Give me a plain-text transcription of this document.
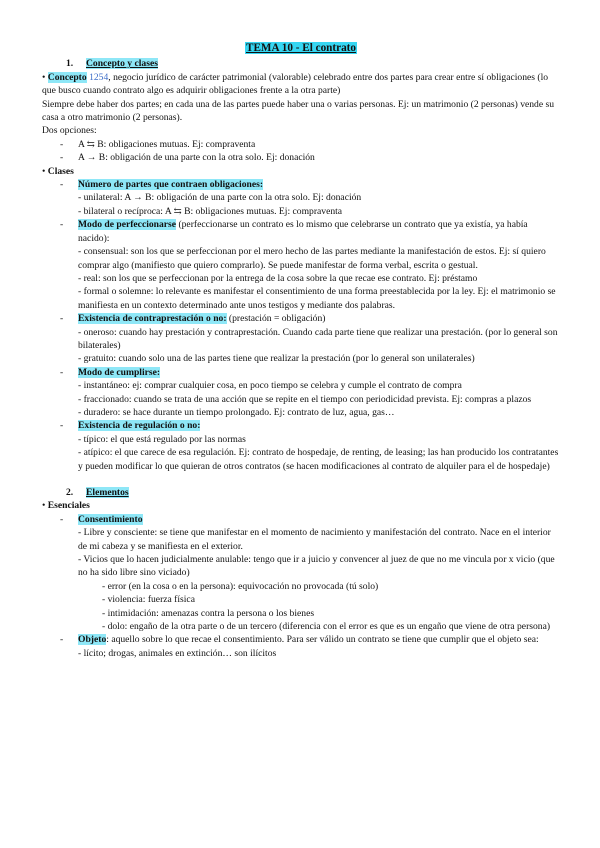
TEMA 10 - El contrato

1. Concepto y clases

• Concepto 1254, negocio jurídico de carácter patrimonial (valorable) celebrado entre dos partes para crear entre sí obligaciones (lo que busco cuando contrato algo es adquirir obligaciones frente a la otra parte)

Siempre debe haber dos partes; en cada una de las partes puede haber una o varias personas. Ej: un matrimonio (2 personas) vende su casa a otro matrimonio (2 personas).

Dos opciones:

- A ⇆ B: obligaciones mutuas. Ej: compraventa

- A → B: obligación de una parte con la otra solo. Ej: donación

• Clases

- Número de partes que contraen obligaciones:

- unilateral: A → B: obligación de una parte con la otra solo. Ej: donación

- bilateral o recíproca: A ⇆ B: obligaciones mutuas. Ej: compraventa

- Modo de perfeccionarse (perfeccionarse un contrato es lo mismo que celebrarse un contrato que ya existía, ya había nacido):

- consensual: son los que se perfeccionan por el mero hecho de las partes mediante la manifestación de estos. Ej: sí quiero comprar algo (manifiesto que quiero comprarlo). Se puede manifestar de forma verbal, escrita o gestual.

- real: son los que se perfeccionan por la entrega de la cosa sobre la que recae ese contrato. Ej: préstamo

- formal o solemne: lo relevante es manifestar el consentimiento de una forma preestablecida por la ley. Ej: el matrimonio se manifiesta en un contexto determinado ante unos testigos y mediante dos palabras.

- Existencia de contraprestación o no: (prestación = obligación)

- oneroso: cuando hay prestación y contraprestación. Cuando cada parte tiene que realizar una prestación. (por lo general son bilaterales)

- gratuito: cuando solo una de las partes tiene que realizar la prestación (por lo general son unilaterales)

- Modo de cumplirse:

- instantáneo: ej: comprar cualquier cosa, en poco tiempo se celebra y cumple el contrato de compra

- fraccionado: cuando se trata de una acción que se repite en el tiempo con periodicidad prevista. Ej: compras a plazos

- duradero: se hace durante un tiempo prolongado. Ej: contrato de luz, agua, gas…

- Existencia de regulación o no:

- típico: el que está regulado por las normas

- atípico: el que carece de esa regulación. Ej: contrato de hospedaje, de renting, de leasing; las han producido los contratantes y pueden modificar lo que quieran de otros contratos (se hacen modificaciones al contrato de alquiler para el de hospedaje)

2. Elementos

• Esenciales

- Consentimiento

- Libre y consciente: se tiene que manifestar en el momento de nacimiento y manifestación del contrato. Nace en el interior de mi cabeza y se manifiesta en el exterior.

- Vicios que lo hacen judicialmente anulable: tengo que ir a juicio y convencer al juez de que no me vincula por x vicio (que no ha sido libre sino viciado)

- error (en la cosa o en la persona): equivocación no provocada (tú solo)

- violencia: fuerza física

- intimidación: amenazas contra la persona o los bienes

- dolo: engaño de la otra parte o de un tercero (diferencia con el error es que es un engaño que viene de otra persona)

- Objeto: aquello sobre lo que recae el consentimiento. Para ser válido un contrato se tiene que cumplir que el objeto sea:

- lícito; drogas, animales en extinción… son ilícitos
